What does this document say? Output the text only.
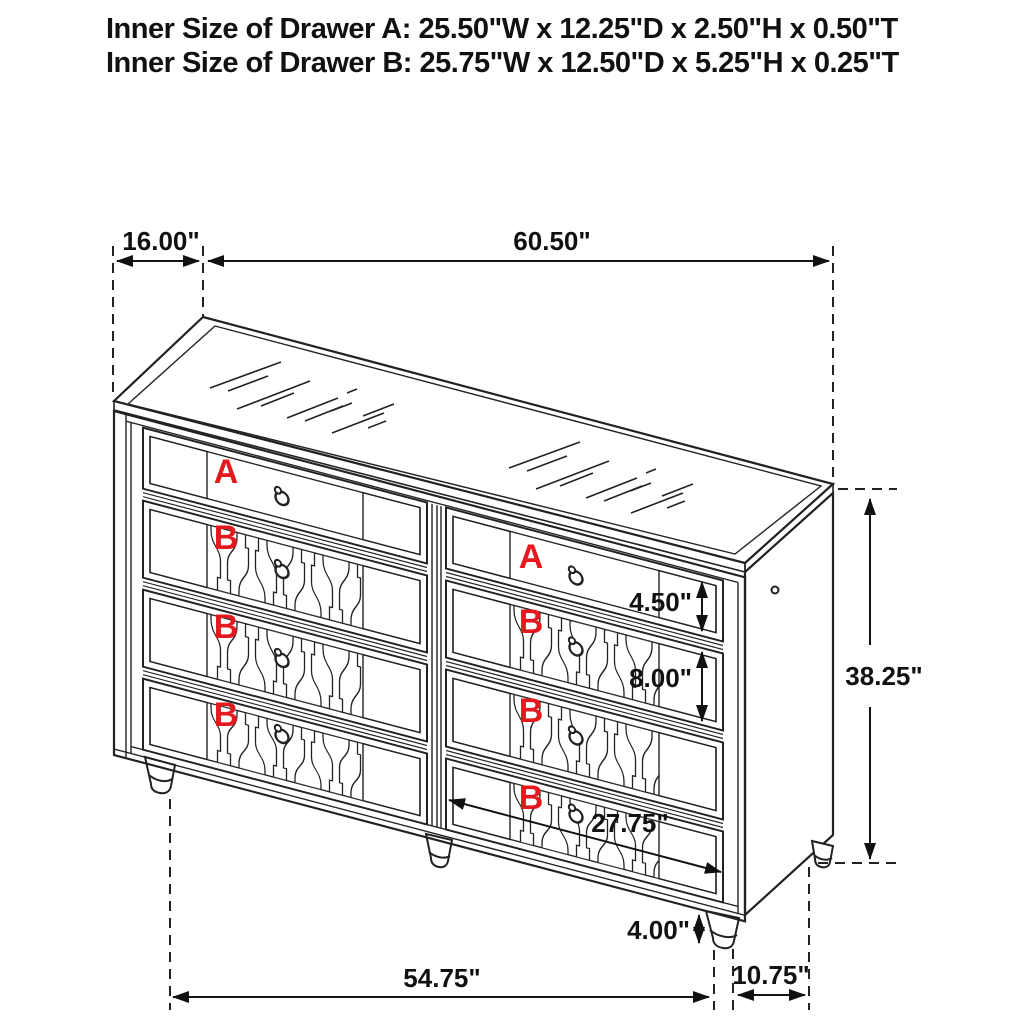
Inner Size of Drawer A: 25.50"W x 12.25"D x 2.50"H x 0.50"T
Inner Size of Drawer B: 25.75"W x 12.50"D x 5.25"H x 0.25"T
A
B
B
B
A
B
B
B
16.00"	60.50"
38.25"
4.50"
8.00"
27.75"
4.00"
54.75"	10.75"
